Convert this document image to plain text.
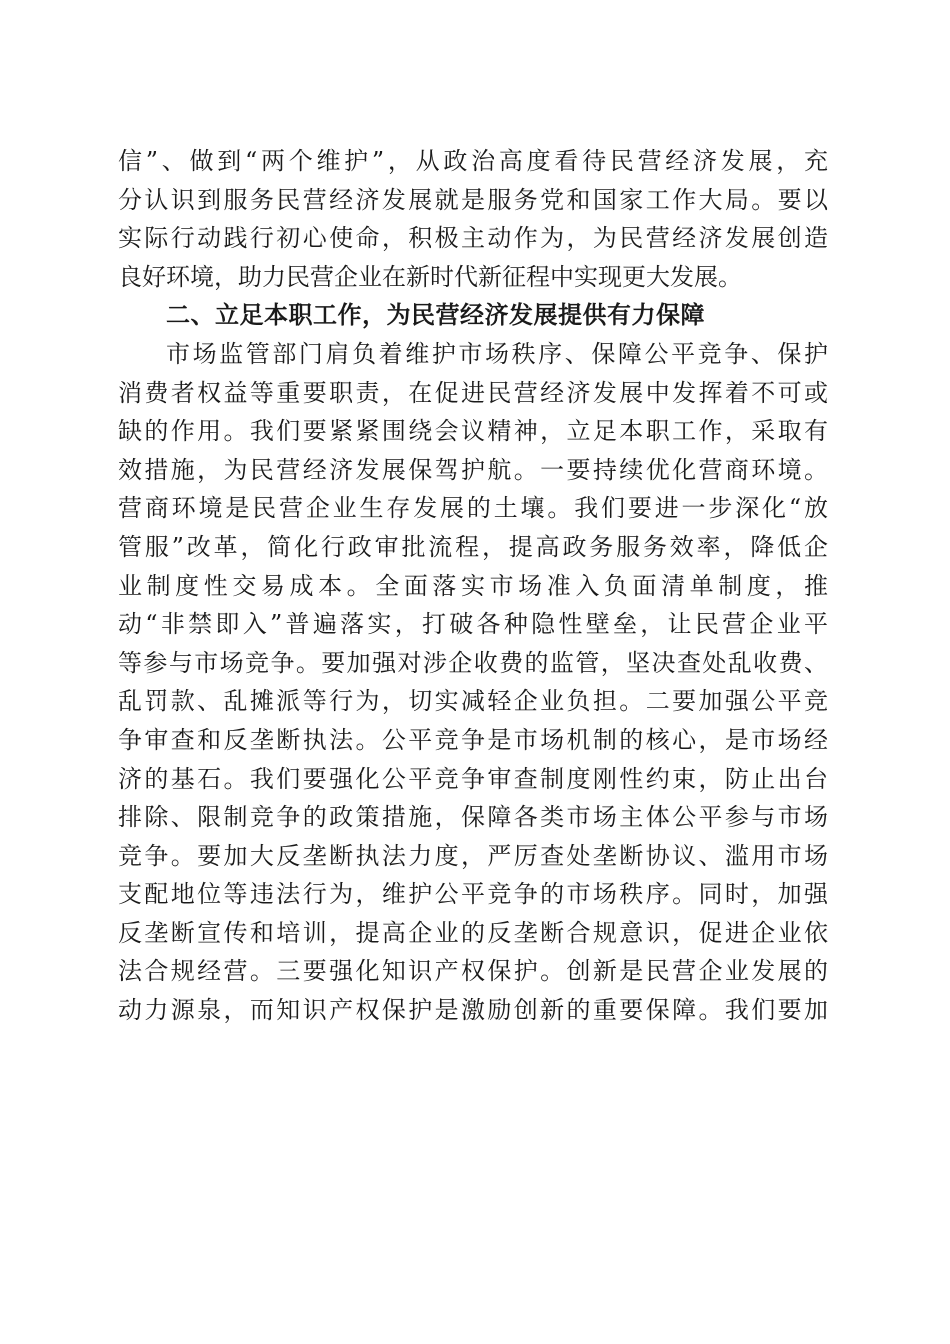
信”、做到“两个维护”，从政治高度看待民营经济发展，充
分认识到服务民营经济发展就是服务党和国家工作大局。要以
实际行动践行初心使命，积极主动作为，为民营经济发展创造
良好环境，助力民营企业在新时代新征程中实现更大发展。
二、立足本职工作，为民营经济发展提供有力保障
市场监管部门肩负着维护市场秩序、保障公平竞争、保护
消费者权益等重要职责，在促进民营经济发展中发挥着不可或
缺的作用。我们要紧紧围绕会议精神，立足本职工作，采取有
效措施，为民营经济发展保驾护航。一要持续优化营商环境。
营商环境是民营企业生存发展的土壤。我们要进一步深化“放
管服”改革，简化行政审批流程，提高政务服务效率，降低企
业制度性交易成本。全面落实市场准入负面清单制度，推
动“非禁即入”普遍落实，打破各种隐性壁垒，让民营企业平
等参与市场竞争。要加强对涉企收费的监管，坚决查处乱收费、
乱罚款、乱摊派等行为，切实减轻企业负担。二要加强公平竞
争审查和反垄断执法。公平竞争是市场机制的核心，是市场经
济的基石。我们要强化公平竞争审查制度刚性约束，防止出台
排除、限制竞争的政策措施，保障各类市场主体公平参与市场
竞争。要加大反垄断执法力度，严厉查处垄断协议、滥用市场
支配地位等违法行为，维护公平竞争的市场秩序。同时，加强
反垄断宣传和培训，提高企业的反垄断合规意识，促进企业依
法合规经营。三要强化知识产权保护。创新是民营企业发展的
动力源泉，而知识产权保护是激励创新的重要保障。我们要加
